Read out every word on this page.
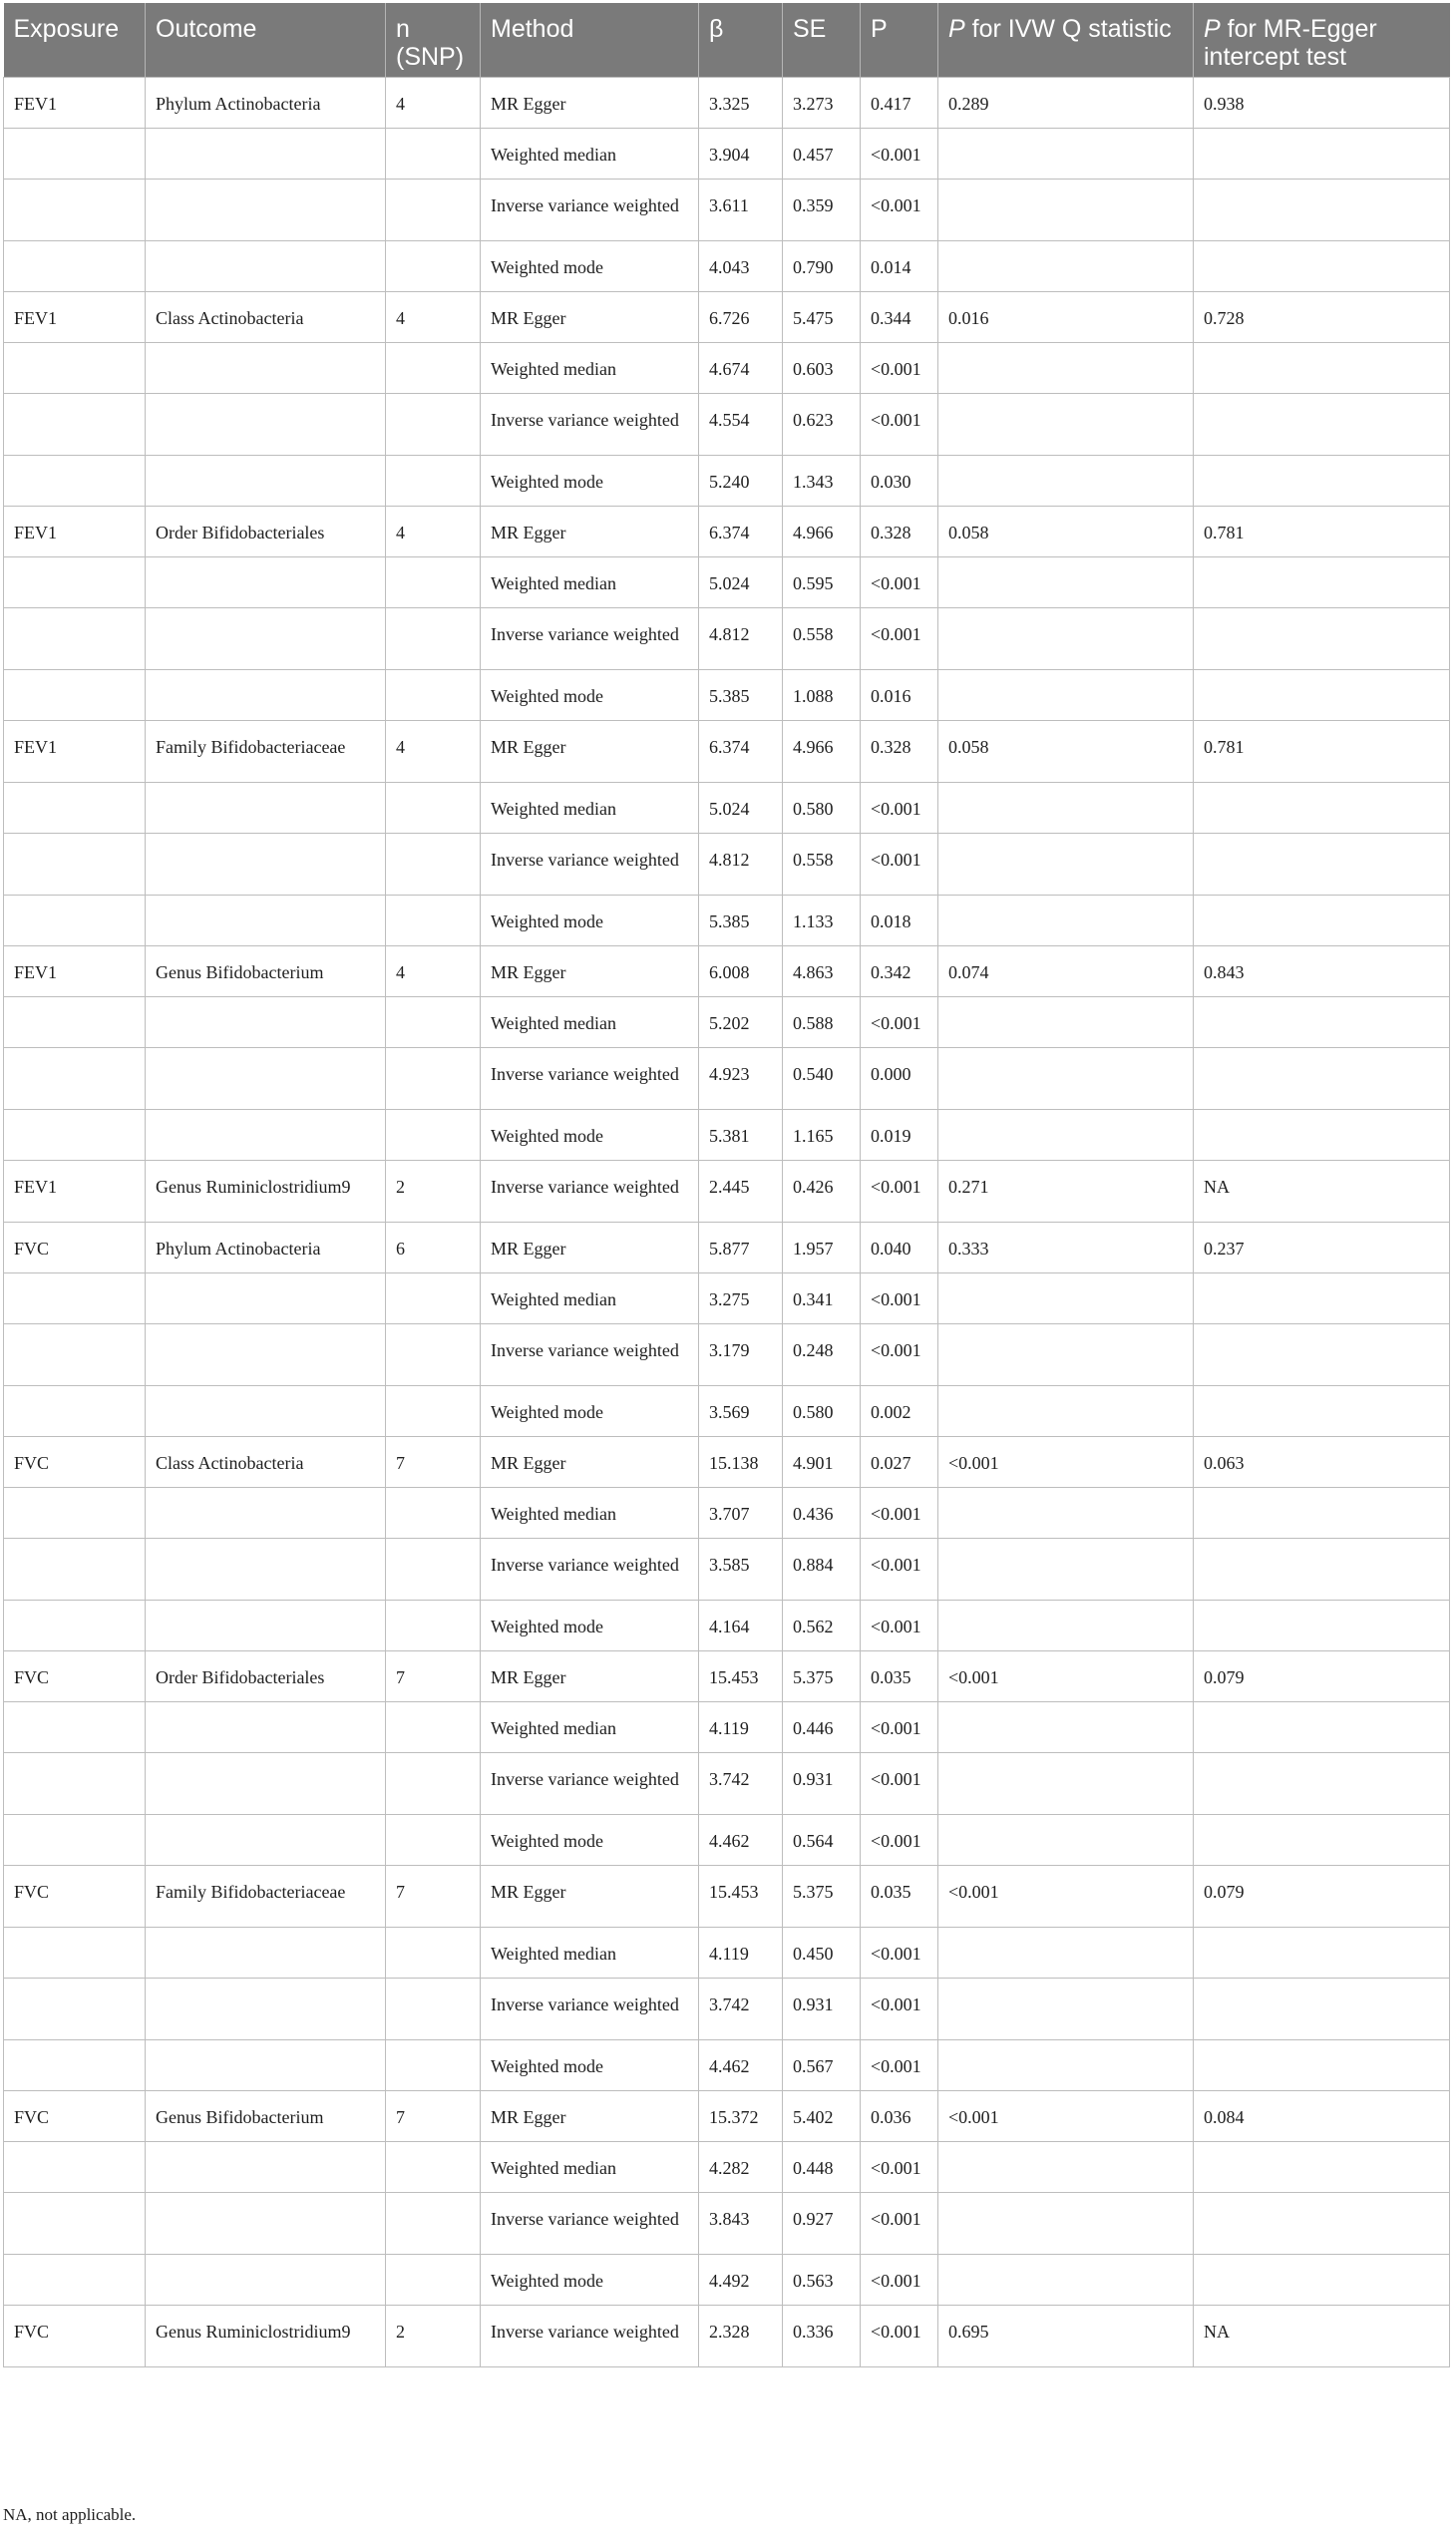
Exposure	Outcome	n (SNP)	Method	β	SE	P	P for IVW Q statistic	P for MR-Egger intercept test
FEV1	Phylum Actinobacteria	4	MR Egger	3.325	3.273	0.417	0.289	0.938
			Weighted median	3.904	0.457	<0.001		
			Inverse variance weighted	3.611	0.359	<0.001		
			Weighted mode	4.043	0.790	0.014		
FEV1	Class Actinobacteria	4	MR Egger	6.726	5.475	0.344	0.016	0.728
			Weighted median	4.674	0.603	<0.001		
			Inverse variance weighted	4.554	0.623	<0.001		
			Weighted mode	5.240	1.343	0.030		
FEV1	Order Bifidobacteriales	4	MR Egger	6.374	4.966	0.328	0.058	0.781
			Weighted median	5.024	0.595	<0.001		
			Inverse variance weighted	4.812	0.558	<0.001		
			Weighted mode	5.385	1.088	0.016		
FEV1	Family Bifidobacteriaceae	4	MR Egger	6.374	4.966	0.328	0.058	0.781
			Weighted median	5.024	0.580	<0.001		
			Inverse variance weighted	4.812	0.558	<0.001		
			Weighted mode	5.385	1.133	0.018		
FEV1	Genus Bifidobacterium	4	MR Egger	6.008	4.863	0.342	0.074	0.843
			Weighted median	5.202	0.588	<0.001		
			Inverse variance weighted	4.923	0.540	0.000		
			Weighted mode	5.381	1.165	0.019		
FEV1	Genus Ruminiclostridium9	2	Inverse variance weighted	2.445	0.426	<0.001	0.271	NA
FVC	Phylum Actinobacteria	6	MR Egger	5.877	1.957	0.040	0.333	0.237
			Weighted median	3.275	0.341	<0.001		
			Inverse variance weighted	3.179	0.248	<0.001		
			Weighted mode	3.569	0.580	0.002		
FVC	Class Actinobacteria	7	MR Egger	15.138	4.901	0.027	<0.001	0.063
			Weighted median	3.707	0.436	<0.001		
			Inverse variance weighted	3.585	0.884	<0.001		
			Weighted mode	4.164	0.562	<0.001		
FVC	Order Bifidobacteriales	7	MR Egger	15.453	5.375	0.035	<0.001	0.079
			Weighted median	4.119	0.446	<0.001		
			Inverse variance weighted	3.742	0.931	<0.001		
			Weighted mode	4.462	0.564	<0.001		
FVC	Family Bifidobacteriaceae	7	MR Egger	15.453	5.375	0.035	<0.001	0.079
			Weighted median	4.119	0.450	<0.001		
			Inverse variance weighted	3.742	0.931	<0.001		
			Weighted mode	4.462	0.567	<0.001		
FVC	Genus Bifidobacterium	7	MR Egger	15.372	5.402	0.036	<0.001	0.084
			Weighted median	4.282	0.448	<0.001		
			Inverse variance weighted	3.843	0.927	<0.001		
			Weighted mode	4.492	0.563	<0.001		
FVC	Genus Ruminiclostridium9	2	Inverse variance weighted	2.328	0.336	<0.001	0.695	NA
NA, not applicable.
